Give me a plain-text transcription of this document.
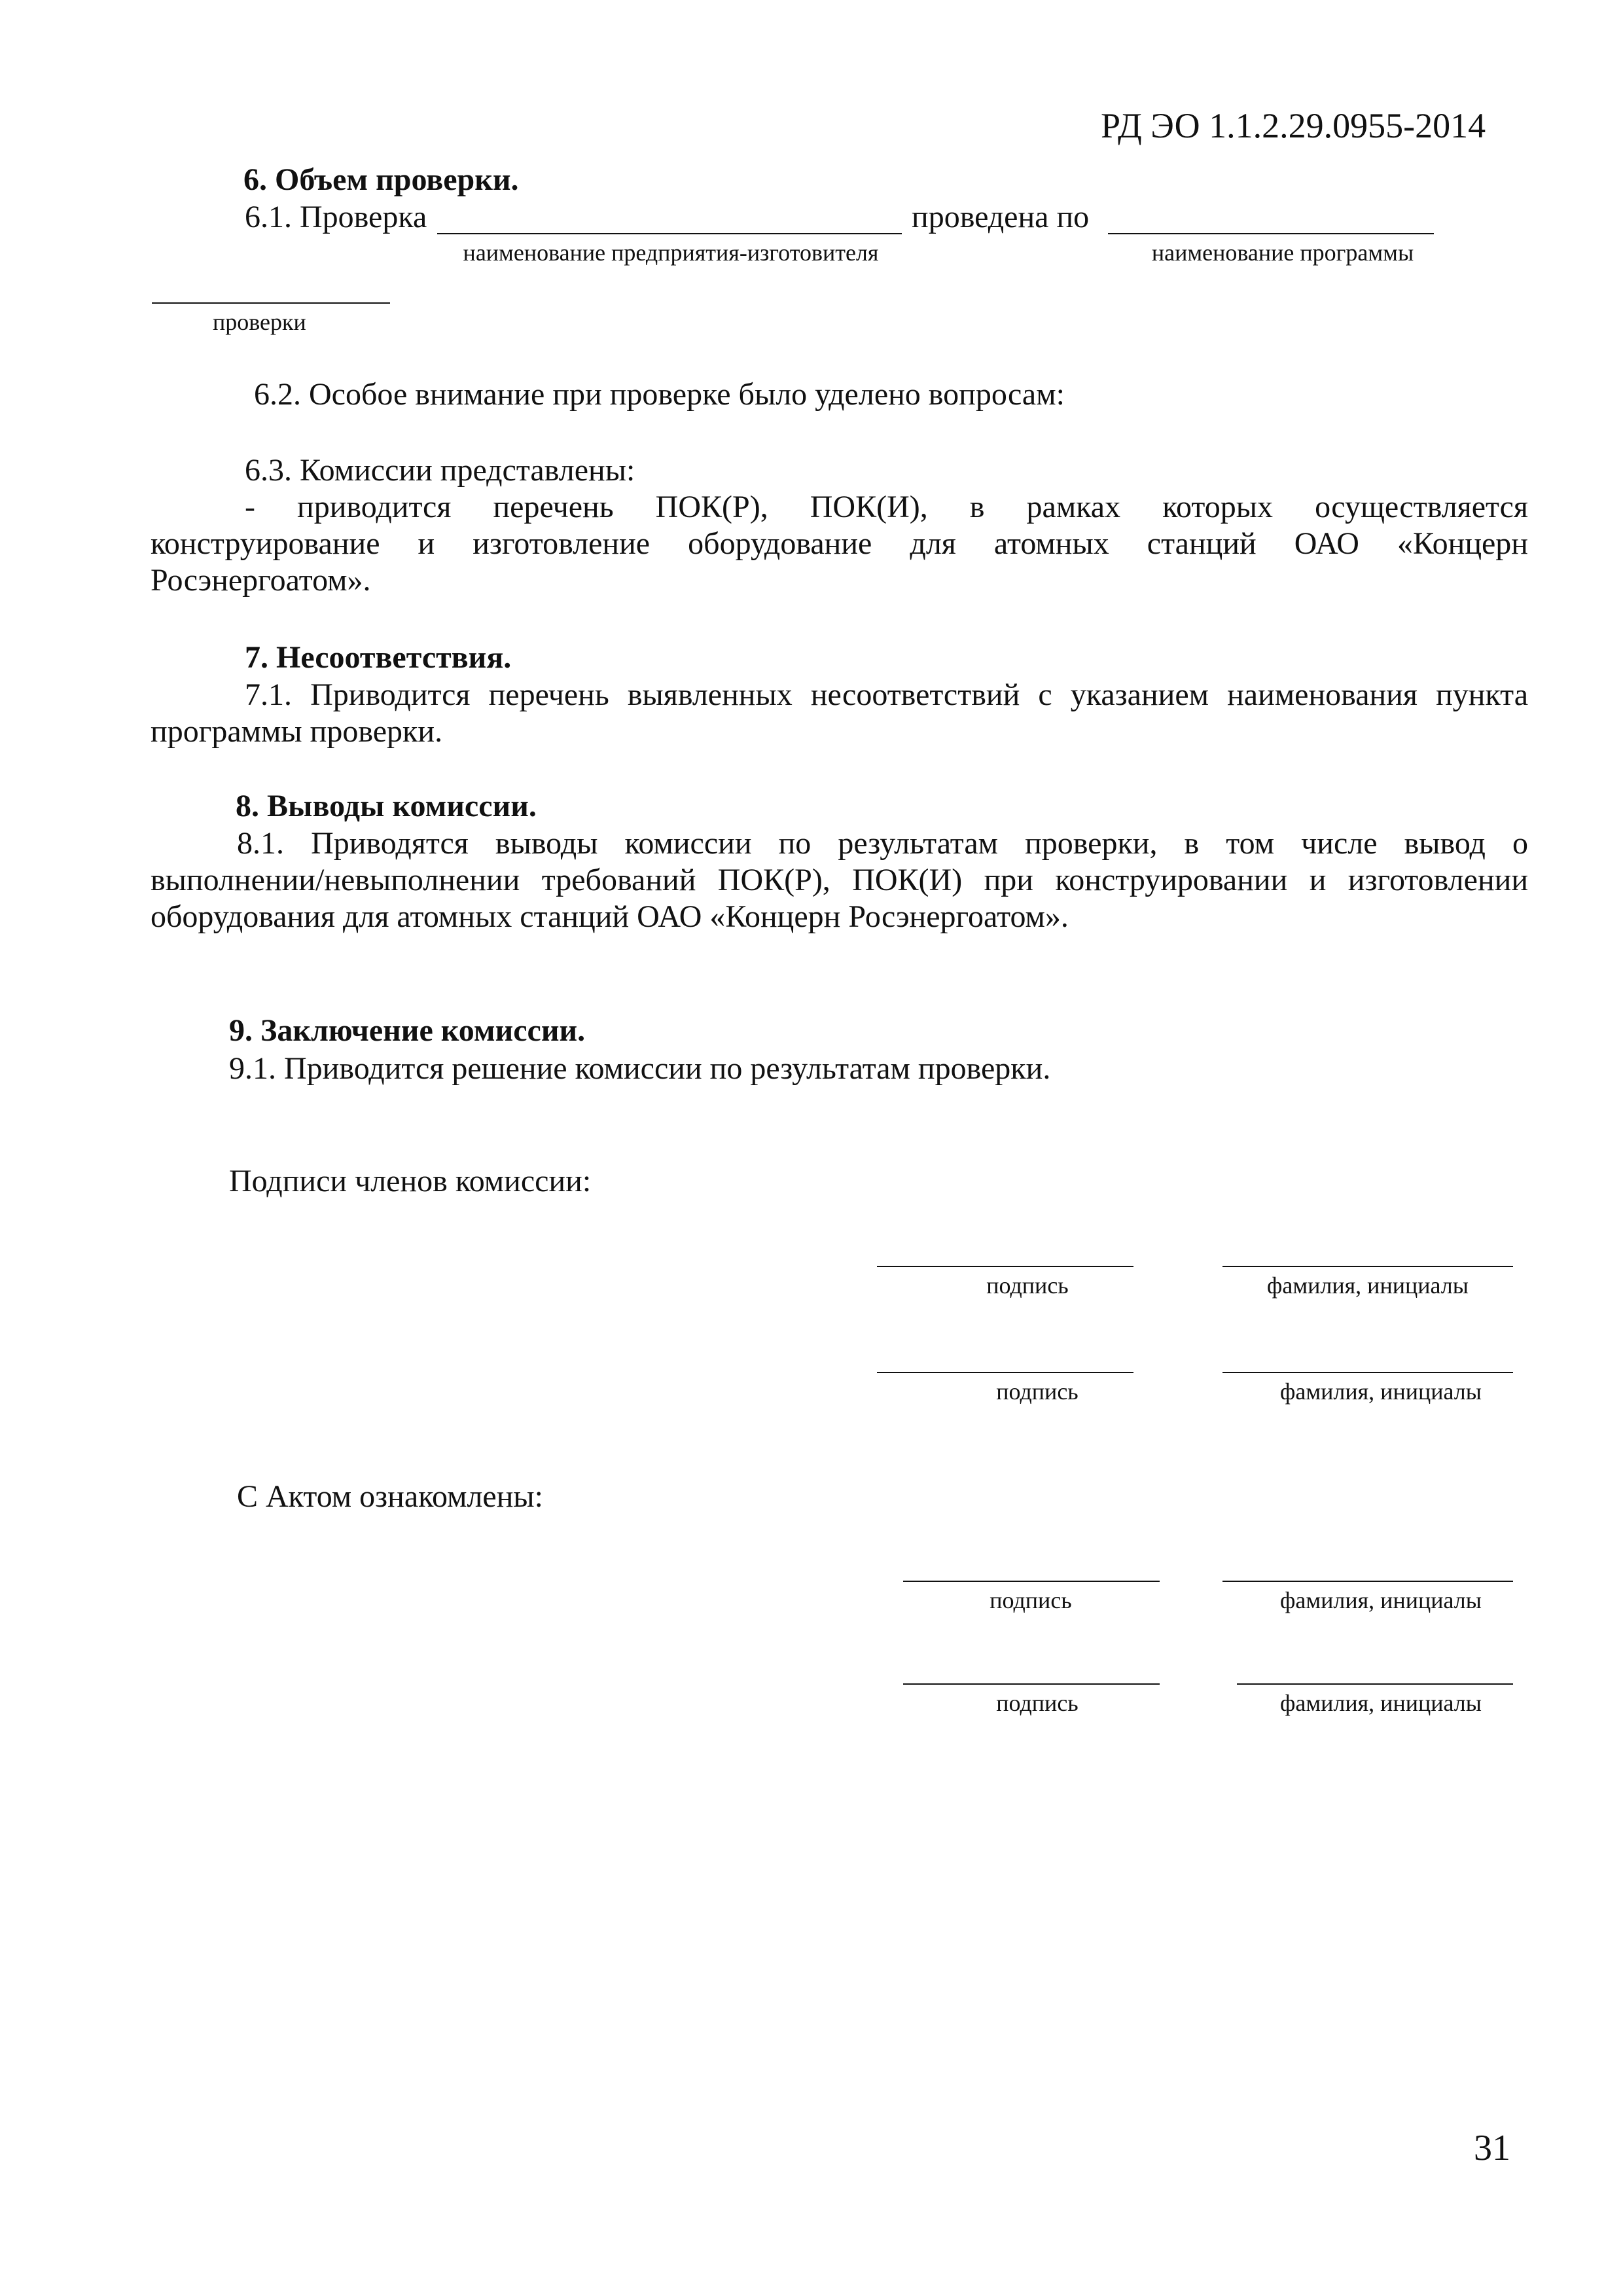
РД ЭО 1.1.2.29.0955-2014
6. Объем проверки.
6.1. Проверка	проведена по
наименование предприятия-изготовителя	наименование программы
проверки
6.2. Особое внимание при проверке было уделено вопросам:
6.3. Комиссии представлены:
- приводится перечень ПОК(Р), ПОК(И), в рамках которых осуществляется
конструирование и изготовление оборудование для атомных станций ОАО «Концерн
Росэнергоатом».
7. Несоответствия.
7.1. Приводится перечень выявленных несоответствий с указанием наименования пункта
программы проверки.
8. Выводы комиссии.
8.1. Приводятся выводы комиссии по результатам проверки, в том числе вывод о
выполнении/невыполнении требований ПОК(Р), ПОК(И) при конструировании и изготовлении
оборудования для атомных станций ОАО «Концерн Росэнергоатом».
9. Заключение комиссии.
9.1. Приводится решение комиссии по результатам проверки.
Подписи членов комиссии:
подпись	фамилия, инициалы
подпись	фамилия, инициалы
С Актом ознакомлены:
подпись	фамилия, инициалы
подпись	фамилия, инициалы
31
